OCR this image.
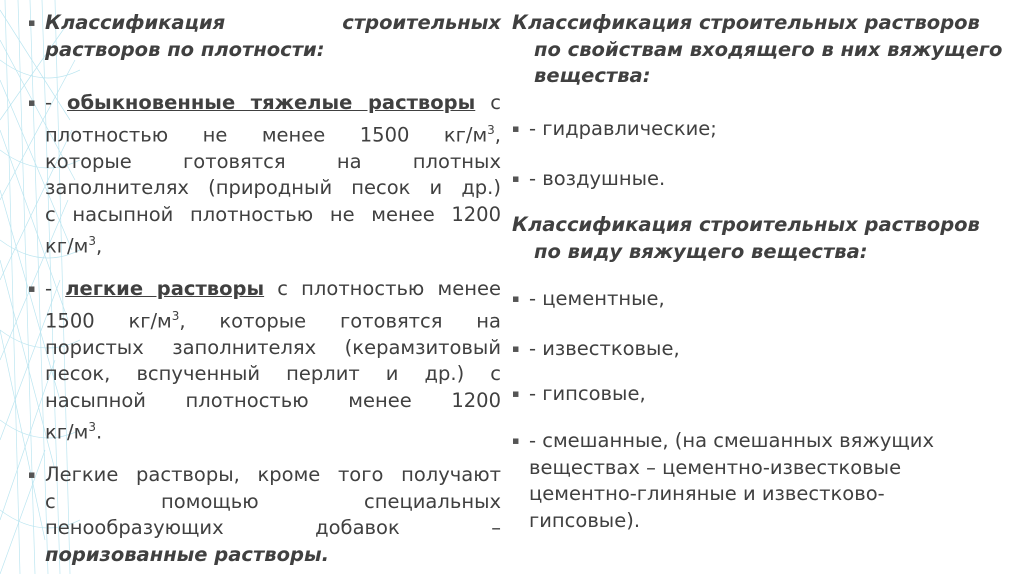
▪ Классификация	строительных
растворов по плотности:
▪ - обыкновенные тяжелые растворы с
плотностью не менее 1500 $кг/м^3$,
которые готовятся на плотных
заполнителях (природный песок и др.)
с насыпной плотностью не менее 1200
$кг/м^3$,
▪ - легкие растворы с плотностью менее
1500 $кг/м^3$, которые готовятся на
пористых заполнителях (керамзитовый
песок, вспученный перлит и др.) с
насыпной плотностью менее 1200
$кг/м^3$.
▪ Легкие растворы, кроме того получают
с помощью специальных
пенообразующих добавок –
поризованные растворы.
Классификация строительных растворов
по свойствам входящего в них вяжущего
вещества:
▪ - гидравлические;
▪ - воздушные.
Классификация строительных растворов
по виду вяжущего вещества:
▪ - цементные,
▪ - известковые,
▪ - гипсовые,
▪ - смешанные, (на смешанных вяжущих
веществах – цементно-известковые
цементно-глиняные и известково-
гипсовые).
